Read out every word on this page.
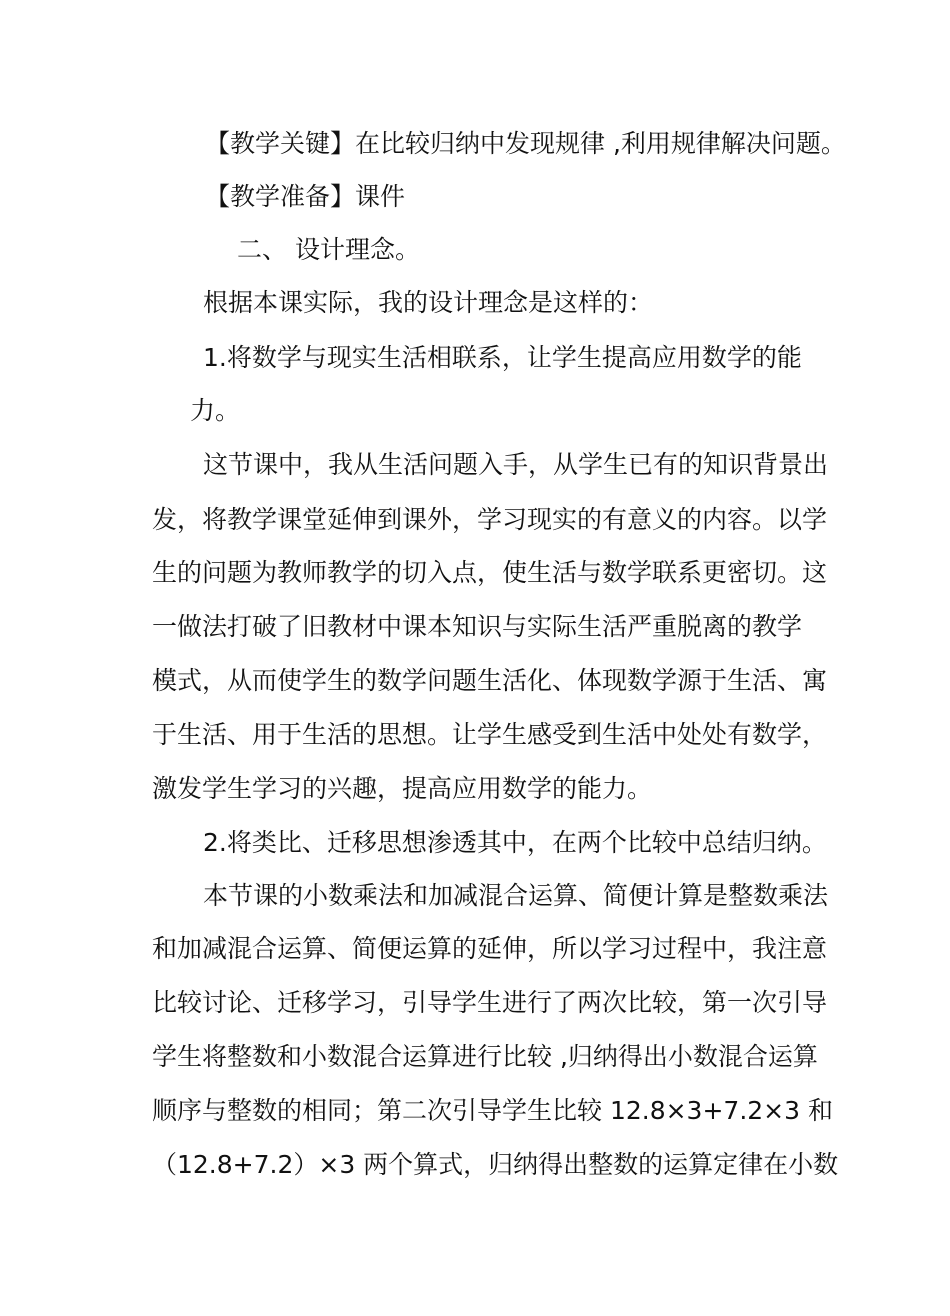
【教学关键】在比较归纳中发现规律 ,利用规律解决问题。
【教学准备】课件
二、 设计理念。
根据本课实际，我的设计理念是这样的：
1.将数学与现实生活相联系，让学生提高应用数学的能
力。
这节课中，我从生活问题入手，从学生已有的知识背景出
发，将教学课堂延伸到课外，学习现实的有意义的内容。以学
生的问题为教师教学的切入点，使生活与数学联系更密切。这
一做法打破了旧教材中课本知识与实际生活严重脱离的教学
模式，从而使学生的数学问题生活化、体现数学源于生活、寓
于生活、用于生活的思想。让学生感受到生活中处处有数学，
激发学生学习的兴趣，提高应用数学的能力。
2.将类比、迁移思想渗透其中，在两个比较中总结归纳。
本节课的小数乘法和加减混合运算、简便计算是整数乘法
和加减混合运算、简便运算的延伸，所以学习过程中，我注意
比较讨论、迁移学习，引导学生进行了两次比较，第一次引导
学生将整数和小数混合运算进行比较 ,归纳得出小数混合运算
顺序与整数的相同；第二次引导学生比较 12.8×3+7.2×3 和
（12.8+7.2）×3 两个算式，归纳得出整数的运算定律在小数
